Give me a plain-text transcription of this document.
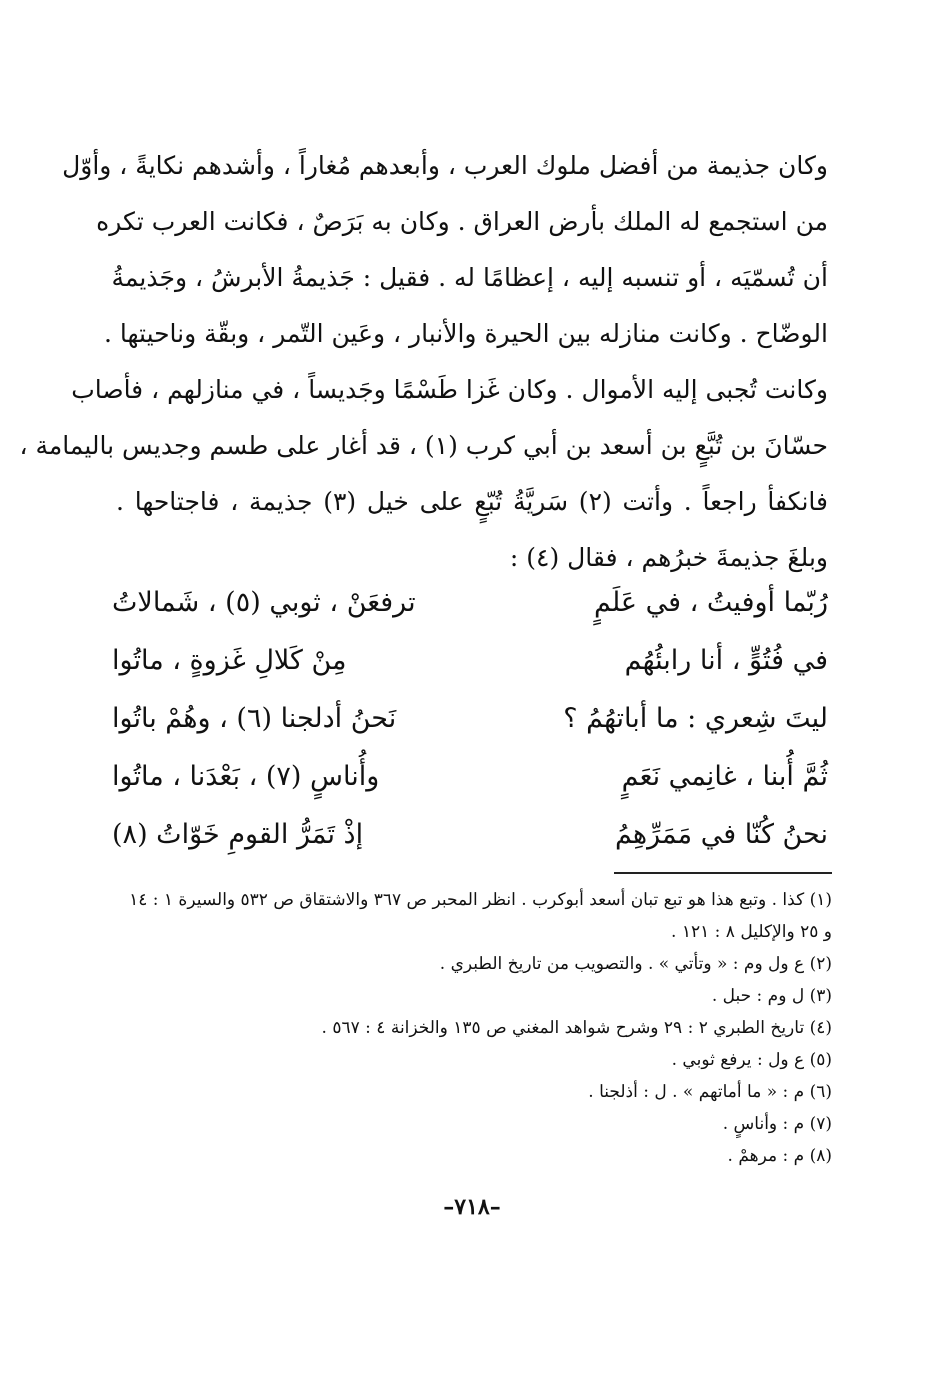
وكان جذيمة من أفضل ملوك العرب ، وأبعدهم مُغاراً ، وأشدهم نكايةً ، وأوّل
من استجمع له الملك بأرض العراق . وكان به بَرَصٌ ، فكانت العرب تكره
أن تُسمّيَه ، أو تنسبه إليه ، إعظامًا له . فقيل : جَذيمةُ الأبرشُ ، وجَذيمةُ
الوضّاح . وكانت منازله بين الحيرة والأنبار ، وعَين التّمر ، وبقّة وناحيتها .
وكانت تُجبى إليه الأموال . وكان غَزا طَسْمًا وجَديساً ، في منازلهم ، فأصاب
حسّانَ بن تُبَّعٍ بن أسعد بن أبي كرب (١) ، قد أغار على طسم وجديس باليمامة ،
فانكفأ راجعاً . وأتت (٢) سَريَّةُ تُبّعٍ على خيل (٣) جذيمة ، فاجتاحها .
وبلغَ جذيمةَ خبرُهم ، فقال (٤) :
رُبّما أوفيتُ ، في عَلَمٍ
ترفعَنْ ، ثوبي (٥) ، شَمالاتُ
في فُتُوٍّ ، أنا رابئُهُم
مِنْ كَلالِ غَزوةٍ ، ماتُوا
ليتَ شِعري : ما أباتهُمُ ؟
نَحنُ أدلجنا (٦) ، وهُمْ باتُوا
ثُمَّ أُبنا ، غانِمي نَعَمٍ
وأُناسٍ (٧) ، بَعْدَنا ، ماتُوا
نحنُ كُنّا في مَمَرِّهِمُ
إذْ تَمَرُّ القومِ خَوّاتُ (٨)
(١) كذا . وتبع هذا هو تبع تبان أسعد أبوكرب . انظر المحبر ص ٣٦٧ والاشتقاق ص ٥٣٢ والسيرة ١ : ١٤
و ٢٥ والإكليل ٨ : ١٢١ .
(٢) ع ول وم : « وتأتي » . والتصويب من تاريخ الطبري .
(٣) ل وم : حبل .
(٤) تاريخ الطبري ٢ : ٢٩ وشرح شواهد المغني ص ١٣٥ والخزانة ٤ : ٥٦٧ .
(٥) ع ول : يرفع ثوبي .
(٦) م : « ما أماتهم » . ل : أذلجنا .
(٧) م : وأناسٍ .
(٨) م : مرهمْ .
–٧١٨–
